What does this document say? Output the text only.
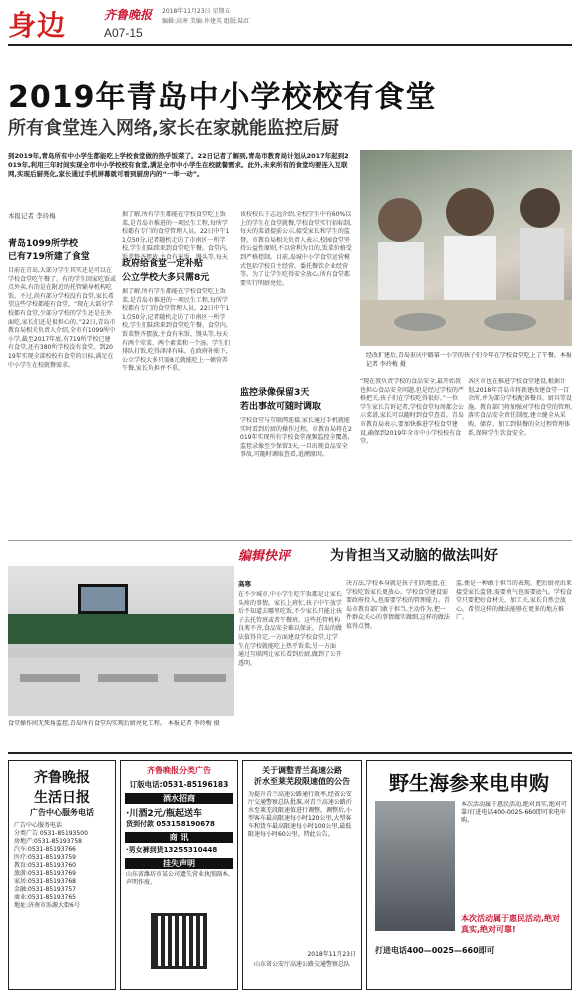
身边	齐鲁晚报 2018年11月23日 星期五
编辑:高寒 美编:许建英 组版:陆红
A07-15
2019年青岛中小学校校有食堂
所有食堂连入网络,家长在家就能监控后厨
到2019年,青岛所有中小学生都能吃上学校食堂做的热乎饭菜了。22日记者了解到,青岛市教育局计划从2017年起到2019年,利用三年时间实现全市中小学校校有食堂,满足全市中小学生在校就餐需求。此外,未来所有的食堂均要连入互联网,实现后厨亮化,家长通过手机屏幕就可看到厨房内的“一举一动”。
本报记者 李玲梅
青岛1099所学校
已有719所建了食堂
目前在青岛,大部分学生其实还是可以在学校食堂吃午餐了。有的学生回家吃饭或点外卖,有的是在附近的托管辅导机构吃饭。不过,尚有部分学校没有食堂,家长希望这些学校都能有食堂。“现在大部分学校都有食堂,少部分学校的学生还是在外面吃,家长们还是很担心的。”22日,青岛市教育局相关负责人介绍,全市有1099所中小学,截至2017年底,有719所学校已建有食堂,还有380所学校没有食堂。到2019年实现全部校校有食堂的目标,满足在中小学生在校就餐需求。
据了解,所有学生都能在学校食堂吃上饭菜,是青岛市推进的一项民生工程,每所学校都有专门的食堂管理人员。22日中午11点50分,记者随机走访了市南区一所学校,学生们陆续来到食堂吃午餐。食堂内,饭菜整齐摆放,主食有米饭、馒头等,每天
政府给食堂一定补贴
公立学校大多只需8元
据了解,所有学生都能在学校食堂吃上饭菜,是青岛市推进的一项民生工程,每所学校都有专门的食堂管理人员。22日中午11点50分,记者随机走访了市南区一所学校,学生们陆续来到食堂吃午餐。食堂内,饭菜整齐摆放,主食有米饭、馒头等,每天有两个荤菜、两个素菜和一个汤。学生们排队打饭,吃得津津有味。在政府补贴下,公立学校大多只需8元就能吃上一顿营养午餐,家长负担并不重。
该校校长于志远介绍,全校学生中有60%以上的学生在食堂就餐,学校食堂实行招标制,每天的菜谱提前公示,接受家长和学生的监督。市教育局相关负责人表示,校园食堂坚持公益性原则,不以营利为目的,饭菜价格受到严格控制。目前,岛城中小学食堂运营模式包括学校自主经营、委托餐饮企业经营等。为了让学生吃得安全放心,所有食堂都要实行明厨亮灶。
监控录像保留3天
若出事故可随时调取
学校食堂与互联网连接,家长通过手机就能实时看到后厨的操作过程。市教育局将在2019年实现所有学校食堂视频监控全覆盖,监控录像至少保留3天,一旦出现食品安全事故,可随时调取查看,追溯原因。
经改扩建后,青岛重庆中路第一小学的孩子们今年在学校食堂吃上了午餐。本报记者 李玲梅 摄
“现在我负责学校的食品安全,最开始我也担心食品安全问题,但是经过学校的严格把关,孩子们在学校吃得很好。”一位学生家长告诉记者,学校食堂每周都会公示菜谱,家长可以随时到食堂查看。青岛市教育局表示,要加快推进学校食堂建设,确保到2019年全市中小学校校有食堂。
各区市也在推进学校食堂建设,根据计划,2018年青岛市将新建改建食堂一百余所,并为部分学校配备餐具、厨具等设施。教育部门将加强对学校食堂的管理,落实食品安全责任制度,建立健全从采购、储存、加工到供餐的全过程管理体系,保障学生饮食安全。
编辑快评	为肯担当又动脑的做法叫好
食堂操作间无死角监控,青岛所有食堂均实现后厨亮化工程。 本报记者 李玲梅 摄
高寒
在不少城市,中小学生吃午饭都是让家长头疼的事情。家长上班忙,孩子中午放学后不知道去哪里吃饭,不少家长只能让孩子去托管班或者午餐班。这些托管机构良莠不齐,食品安全难以保证。青岛的做法值得肯定,一方面建设学校食堂,让学生在学校就能吃上热乎饭菜;另一方面通过互联网让家长看到后厨,做到了公开透明。
决方法,学校本身就是孩子们的地盘,在学校吃饭家长更放心。学校食堂建设需要政府投入,也需要学校的管理能力。青岛市教育部门敢于担当,主动作为,把一件群众关心的事情做实做细,这样的做法值得点赞。
监,便是一种敢于担当的表现。把后厨亮出来接受家长监督,需要勇气也需要底气。学校食堂只要把好食材关、加工关,家长自然会放心。希望这样的做法能够在更多的地方推广。
齐鲁晚报
生活日报
广告中心服务电话
广告中心服务电话
分类广告 0531-85193500
房地产:0531-85193758
汽车:0531-85193766
医疗:0531-85193759
教育:0531-85193760
旅游:0531-85193769
家居:0531-85193768
金融:0531-85193757
商业:0531-85193765
地址:济南市泺源大街6号
齐鲁晚报分类广告
订版电话:0531-85196183
酒水招商
·川酒2元/瓶起送车
货到付款 053158190678
商 讯
·男女裤到货13255310448
挂失声明
山东省潍坊市某公司遗失营业执照副本,声明作废。
关于调整青兰高速公路
沂水至莱芜段限速值的公告
为提升青兰高速公路通行效率,经省公安厅交通警察总队批准,对青兰高速公路沂水至莱芜段限速值进行调整。调整后,小型客车最高限速每小时120公里,大型客车和货车最高限速每小时100公里,最低限速每小时60公里。特此公告。
2018年11月23日
山东省公安厅高速公路交通警察总队
野生海参来电申购
本次活动属于惠民活动,绝对真实,绝对可靠!打进电话400-0025-660即可来电申购。
本次活动属于惠民活动,绝对真实,绝对可靠!
打进电话400—0025—660即可
